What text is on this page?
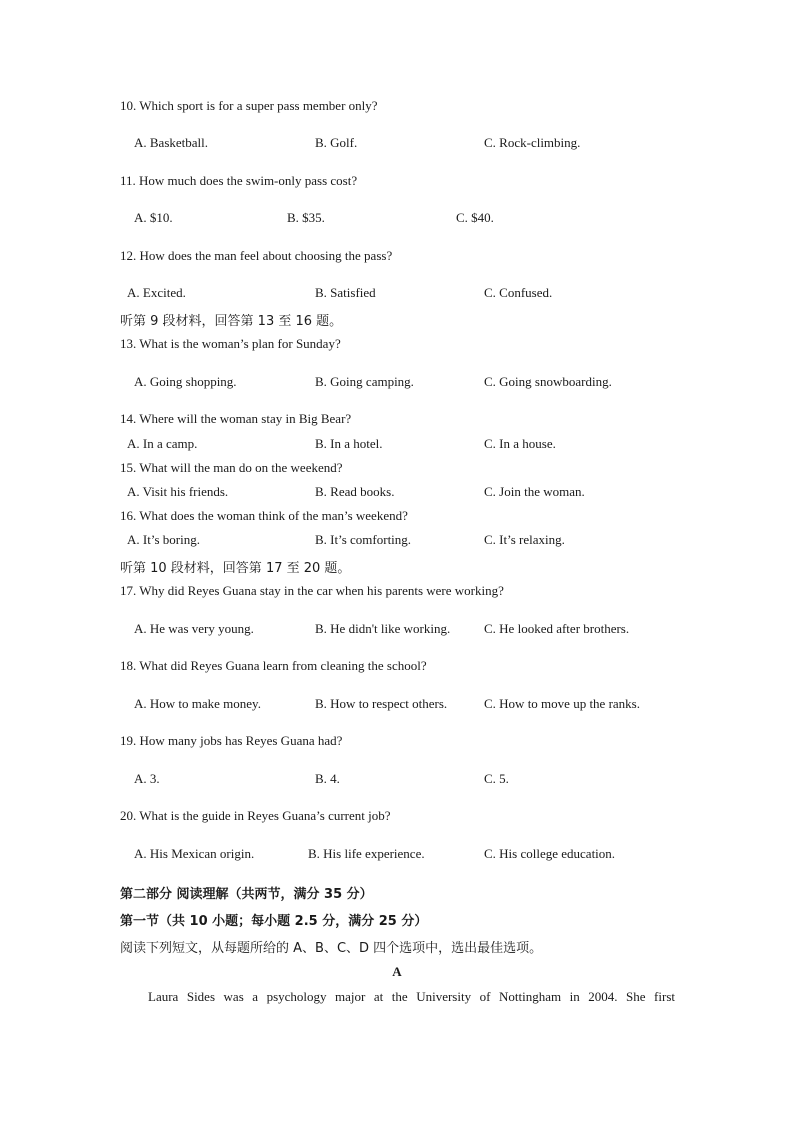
10. Which sport is for a super pass member only?
A. Basketball.	B. Golf.	C. Rock-climbing.
11. How much does the swim-only pass cost?
A. $10.	B. $35.	C. $40.
12. How does the man feel about choosing the pass?
A. Excited.	B. Satisfied	C. Confused.
听第 9 段材料，回答第 13 至 16 题。
13. What is the woman’s plan for Sunday?
A. Going shopping.	B. Going camping.	C. Going snowboarding.
14. Where will the woman stay in Big Bear?
A. In a camp.	B. In a hotel.	C. In a house.
15. What will the man do on the weekend?
A. Visit his friends.	B. Read books.	C. Join the woman.
16. What does the woman think of the man’s weekend?
A. It’s boring.	B. It’s comforting.	C. It’s relaxing.
听第 10 段材料，回答第 17 至 20 题。
17. Why did Reyes Guana stay in the car when his parents were working?
A. He was very young.	B. He didn't like working.	C. He looked after brothers.
18. What did Reyes Guana learn from cleaning the school?
A. How to make money.	B. How to respect others.	C. How to move up the ranks.
19. How many jobs has Reyes Guana had?
A. 3.	B. 4.	C. 5.
20. What is the guide in Reyes Guana’s current job?
A. His Mexican origin.	B. His life experience.	C. His college education.
第二部分 阅读理解（共两节，满分 35 分）
第一节（共 10 小题；每小题 2.5 分，满分 25 分）
阅读下列短文，从每题所给的 A、B、C、D 四个选项中，选出最佳选项。
A
Laura Sides was a psychology major at the University of Nottingham in 2004. She first
